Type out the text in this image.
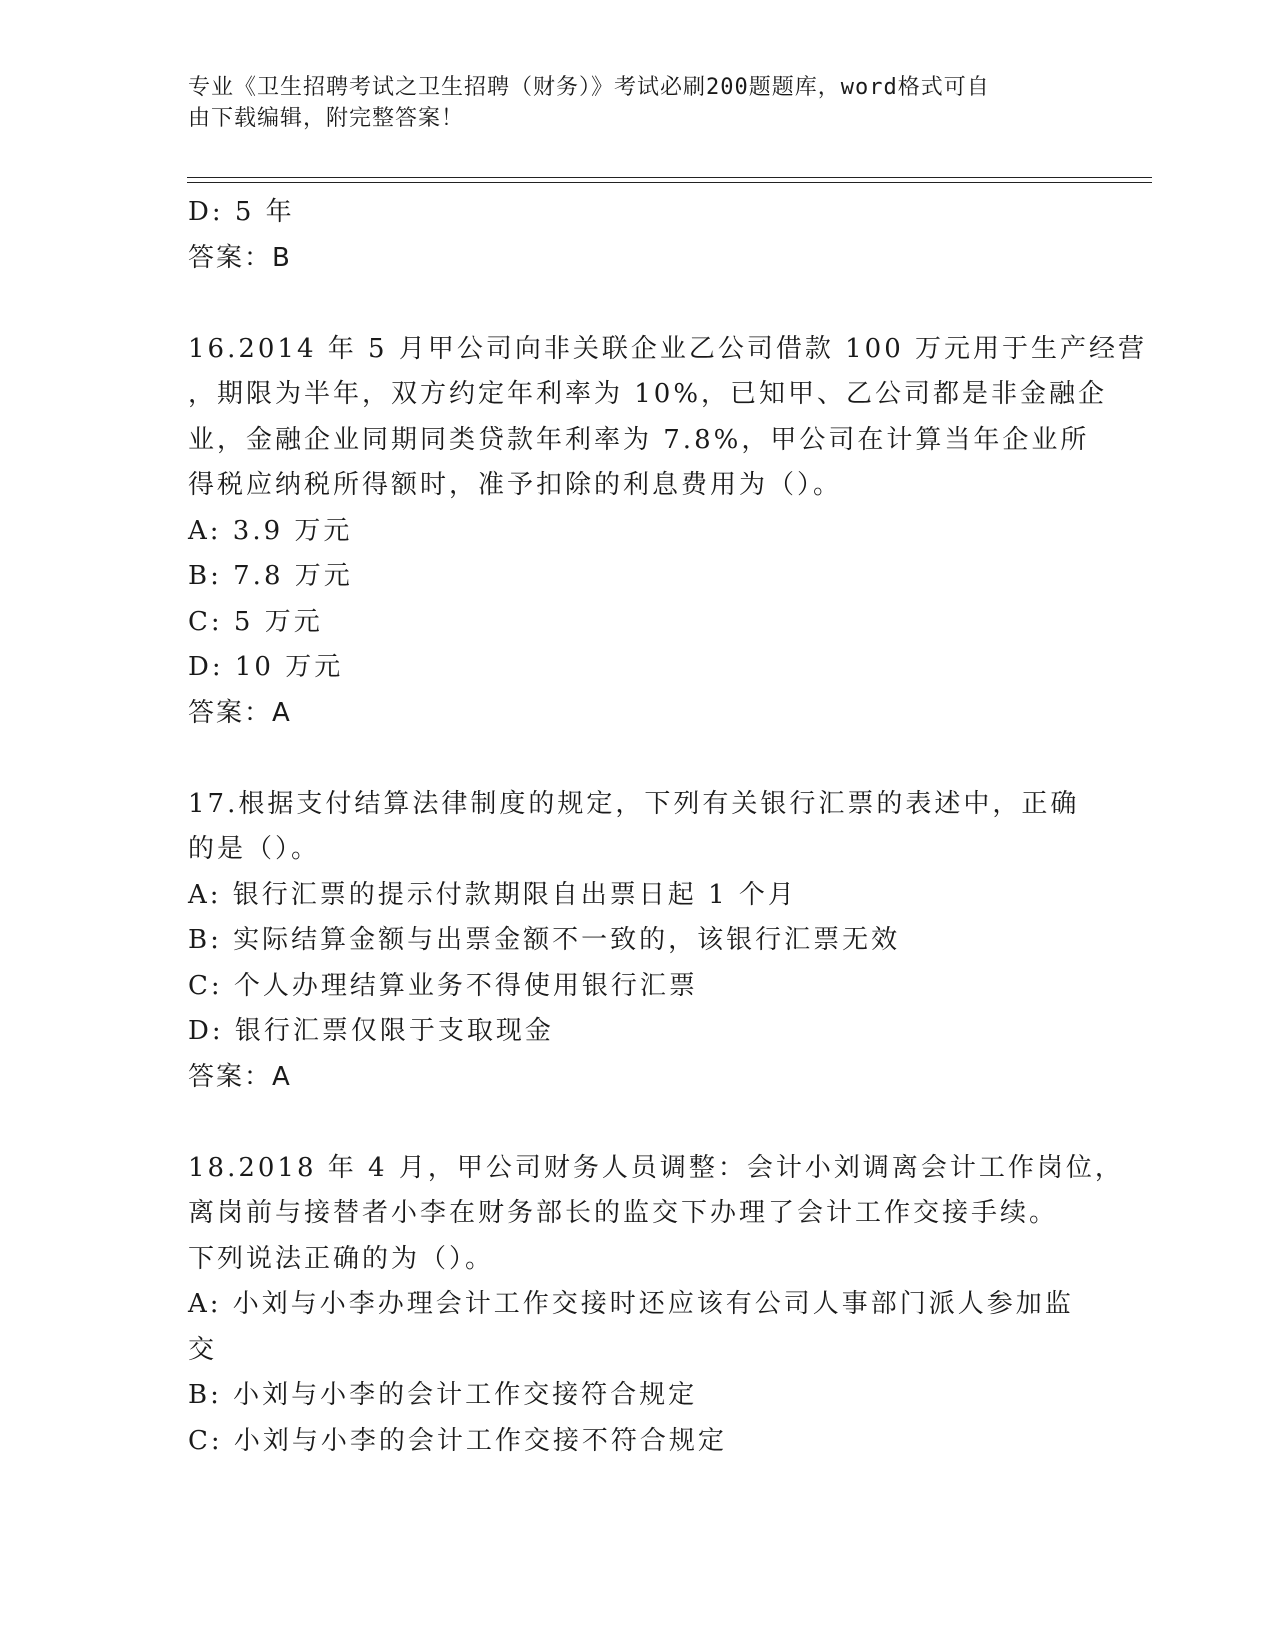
专业《卫生招聘考试之卫生招聘（财务）》考试必刷200题题库，word格式可自
由下载编辑，附完整答案！
D: 5 年
答案：B
16.2014 年 5 月甲公司向非关联企业乙公司借款 100 万元用于生产经营
，期限为半年，双方约定年利率为 10%，已知甲、乙公司都是非金融企
业，金融企业同期同类贷款年利率为 7.8%，甲公司在计算当年企业所
得税应纳税所得额时，准予扣除的利息费用为（）。
A: 3.9 万元
B: 7.8 万元
C: 5 万元
D: 10 万元
答案：A
17.根据支付结算法律制度的规定，下列有关银行汇票的表述中，正确
的是（）。
A: 银行汇票的提示付款期限自出票日起 1 个月
B: 实际结算金额与出票金额不一致的，该银行汇票无效
C: 个人办理结算业务不得使用银行汇票
D: 银行汇票仅限于支取现金
答案：A
18.2018 年 4 月，甲公司财务人员调整：会计小刘调离会计工作岗位，
离岗前与接替者小李在财务部长的监交下办理了会计工作交接手续。
下列说法正确的为（）。
A: 小刘与小李办理会计工作交接时还应该有公司人事部门派人参加监
交
B: 小刘与小李的会计工作交接符合规定
C: 小刘与小李的会计工作交接不符合规定
